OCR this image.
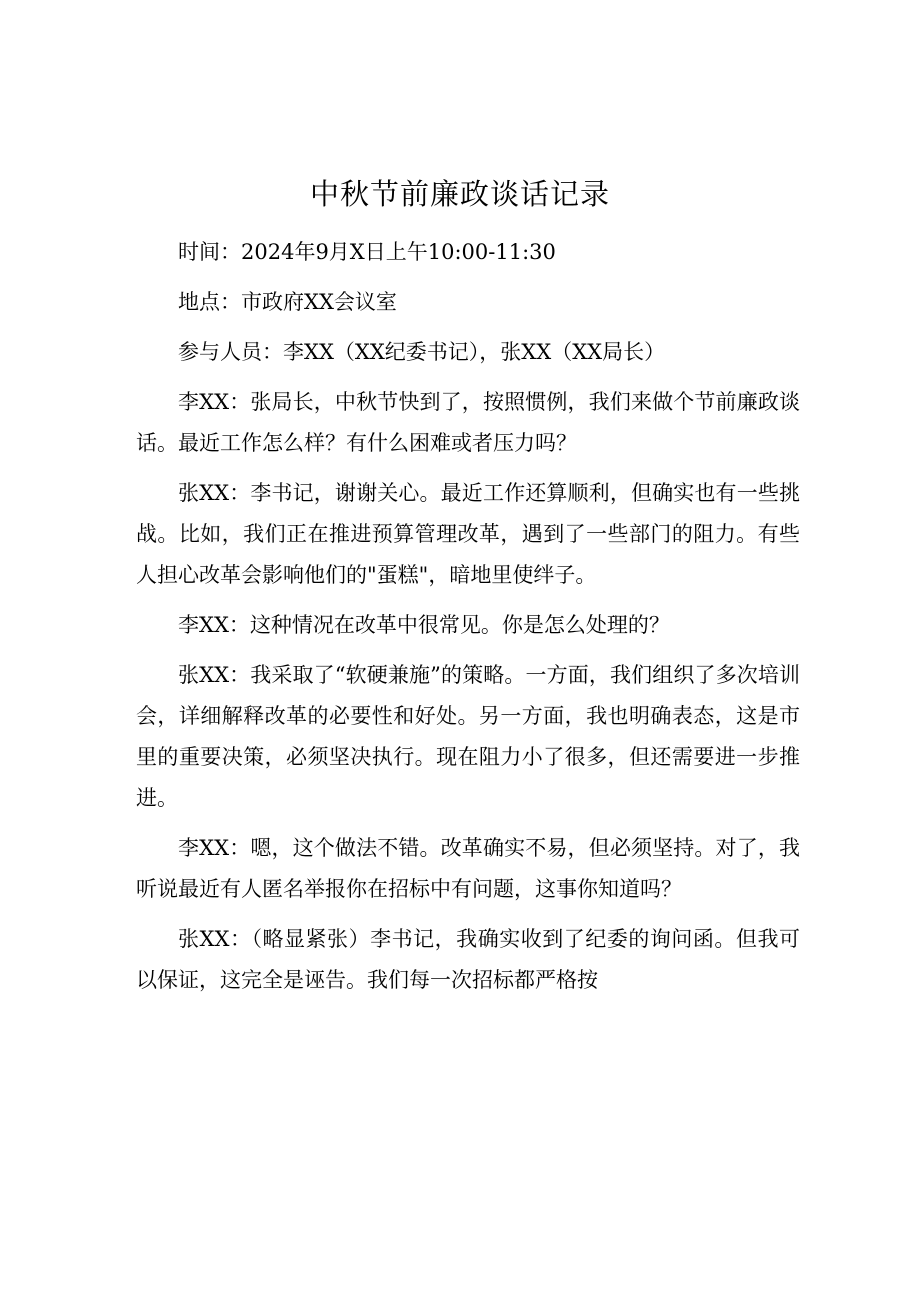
中秋节前廉政谈话记录

时间：2024年9月X日上午10:00-11:30

地点：市政府XX会议室

参与人员：李XX（XX纪委书记），张XX（XX局长）

李XX：张局长，中秋节快到了，按照惯例，我们来做个节前廉政谈话。最近工作怎么样？有什么困难或者压力吗？

张XX：李书记，谢谢关心。最近工作还算顺利，但确实也有一些挑战。比如，我们正在推进预算管理改革，遇到了一些部门的阻力。有些人担心改革会影响他们的"蛋糕"，暗地里使绊子。

李XX：这种情况在改革中很常见。你是怎么处理的？

张XX：我采取了“软硬兼施”的策略。一方面，我们组织了多次培训会，详细解释改革的必要性和好处。另一方面，我也明确表态，这是市里的重要决策，必须坚决执行。现在阻力小了很多，但还需要进一步推进。

李XX：嗯，这个做法不错。改革确实不易，但必须坚持。对了，我听说最近有人匿名举报你在招标中有问题，这事你知道吗？

张XX：（略显紧张）李书记，我确实收到了纪委的询问函。但我可以保证，这完全是诬告。我们每一次招标都严格按
